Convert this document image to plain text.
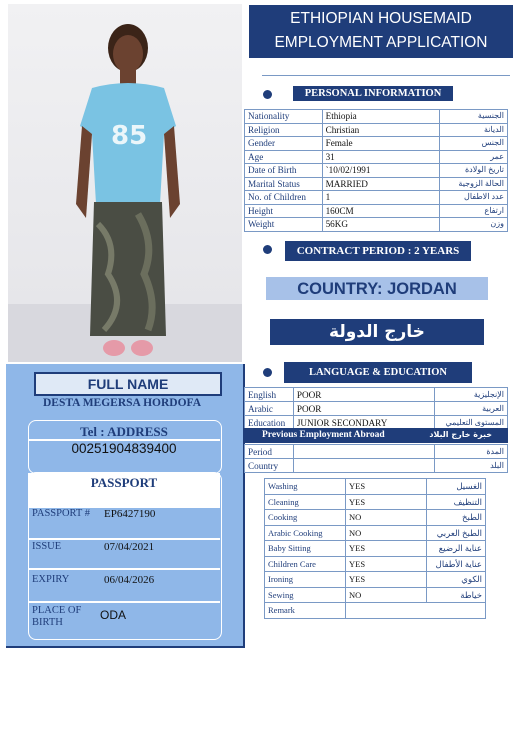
85
FULL NAME
DESTA MEGERSA HORDOFA
Tel : ADDRESS
00251904839400
PASSPORT
PASSPORT # EP6427190
ISSUE	07/04/2021
EXPIRY	06/04/2026
PLACE OF
BIRTH
ODA
ETHIOPIAN HOUSEMAID
EMPLOYMENT APPLICATION
PERSONAL INFORMATION
Nationality	Ethiopia	الجنسية
Religion	Christian	الديانة
Gender	Female	الجنس
Age	31	عمر
Date of Birth	`10/02/1991	تاريخ الولادة
Marital Status	MARRIED	الحالة الزوجية
No. of Children	1	عدد الاطفال
Height	160CM	ارتفاع
Weight	56KG	وزن
CONTRACT PERIOD : 2 YEARS
COUNTRY: JORDAN
خارج الدولة
LANGUAGE & EDUCATION
English	POOR	الإنجليزية
Arabic	POOR	العربية
Education	JUNIOR SECONDARY	المستوى التعليمي
Previous Employment Abroad	خبرة خارج البلاد
Period		المدة
Country		البلد
Washing	YES	الغسيل
Cleaning	YES	التنظيف
Cooking	NO	الطبخ
Arabic Cooking	NO	الطبخ العربي
Baby Sitting	YES	عناية الرضيع
Children Care	YES	عناية الأطفال
Ironing	YES	الكوي
Sewing	NO	خياطة
Remark		
